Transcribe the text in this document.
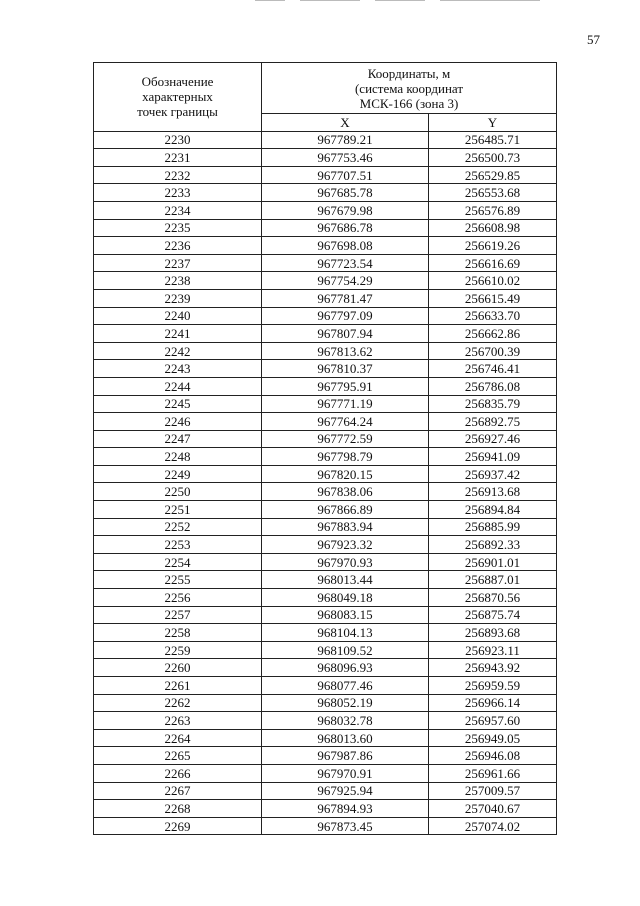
57
Обозначение
характерных
точек границы	Координаты, м
(система координат
МСК-166 (зона 3)	

	X	Y
2230	967789.21	256485.71
2231	967753.46	256500.73
2232	967707.51	256529.85
2233	967685.78	256553.68
2234	967679.98	256576.89
2235	967686.78	256608.98
2236	967698.08	256619.26
2237	967723.54	256616.69
2238	967754.29	256610.02
2239	967781.47	256615.49
2240	967797.09	256633.70
2241	967807.94	256662.86
2242	967813.62	256700.39
2243	967810.37	256746.41
2244	967795.91	256786.08
2245	967771.19	256835.79
2246	967764.24	256892.75
2247	967772.59	256927.46
2248	967798.79	256941.09
2249	967820.15	256937.42
2250	967838.06	256913.68
2251	967866.89	256894.84
2252	967883.94	256885.99
2253	967923.32	256892.33
2254	967970.93	256901.01
2255	968013.44	256887.01
2256	968049.18	256870.56
2257	968083.15	256875.74
2258	968104.13	256893.68
2259	968109.52	256923.11
2260	968096.93	256943.92
2261	968077.46	256959.59
2262	968052.19	256966.14
2263	968032.78	256957.60
2264	968013.60	256949.05
2265	967987.86	256946.08
2266	967970.91	256961.66
2267	967925.94	257009.57
2268	967894.93	257040.67
2269	967873.45	257074.02
